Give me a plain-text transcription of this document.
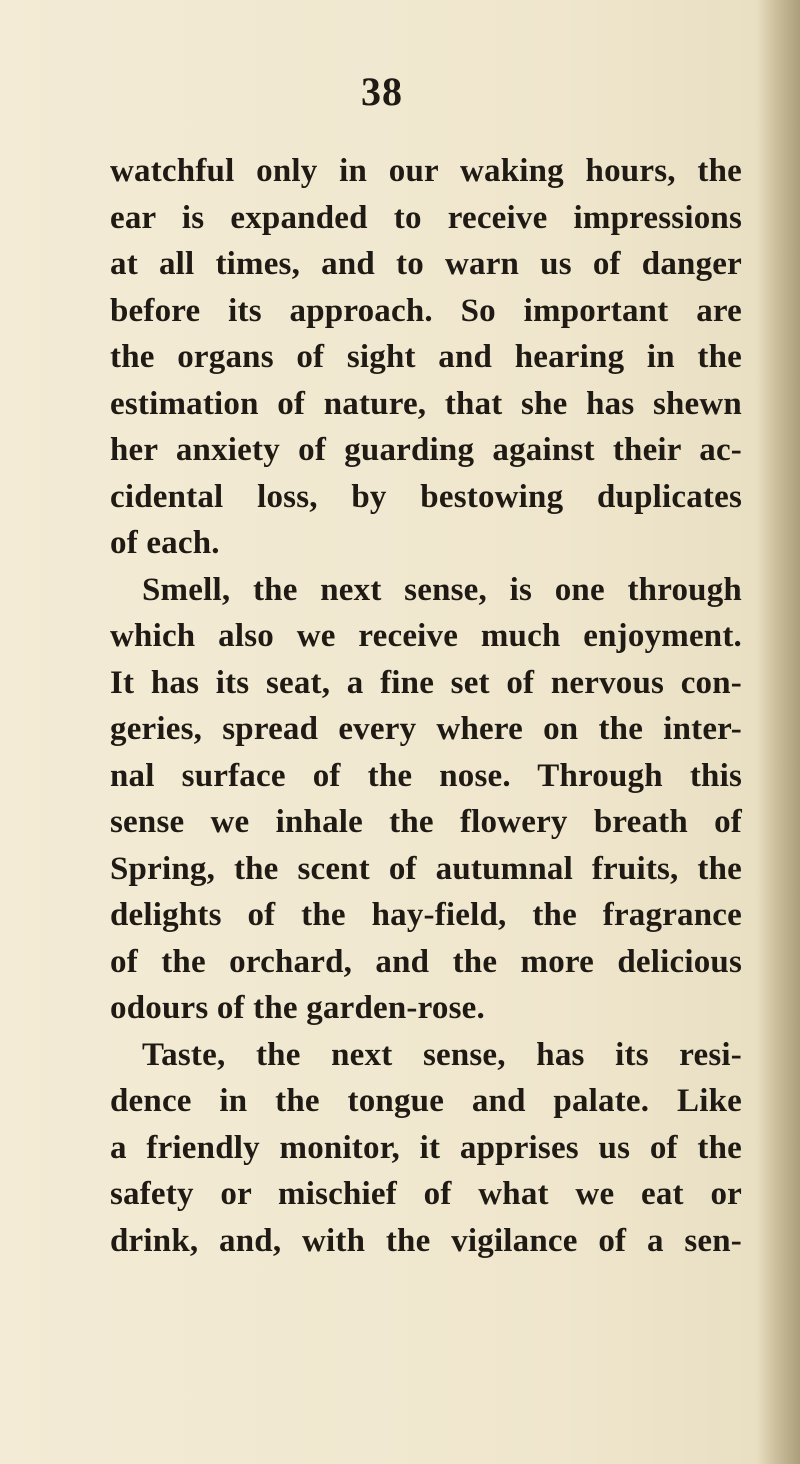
38
watchful only in our waking hours, the
ear is expanded to receive impressions
at all times, and to warn us of danger
before its approach. So important are
the organs of sight and hearing in the
estimation of nature, that she has shewn
her anxiety of guarding against their ac-
cidental loss, by bestowing duplicates
of each.
Smell, the next sense, is one through
which also we receive much enjoyment.
It has its seat, a fine set of nervous con-
geries, spread every where on the inter-
nal surface of the nose. Through this
sense we inhale the flowery breath of
Spring, the scent of autumnal fruits, the
delights of the hay-field, the fragrance
of the orchard, and the more delicious
odours of the garden-rose.
Taste, the next sense, has its resi-
dence in the tongue and palate. Like
a friendly monitor, it apprises us of the
safety or mischief of what we eat or
drink, and, with the vigilance of a sen-
